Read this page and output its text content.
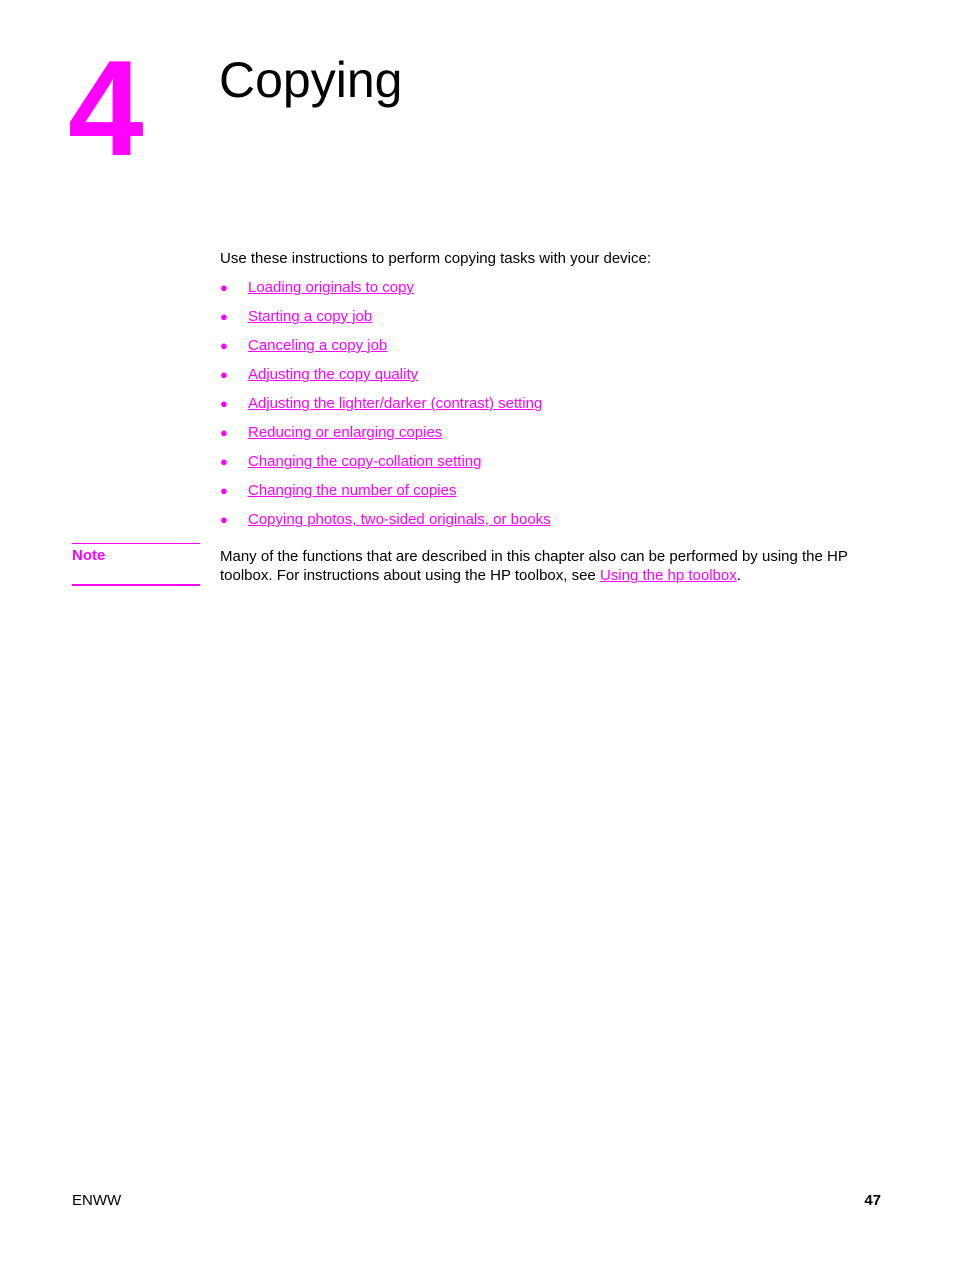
4 Copying

Use these instructions to perform copying tasks with your device:

●	Loading originals to copy
●	Starting a copy job
●	Canceling a copy job
●	Adjusting the copy quality
●	Adjusting the lighter/darker (contrast) setting
●	Reducing or enlarging copies
●	Changing the copy-collation setting
●	Changing the number of copies
●	Copying photos, two-sided originals, or books
Note	Many of the functions that are described in this chapter also can be performed by using the HP toolbox. For instructions about using the HP toolbox, see Using the hp toolbox.

ENWW	47
